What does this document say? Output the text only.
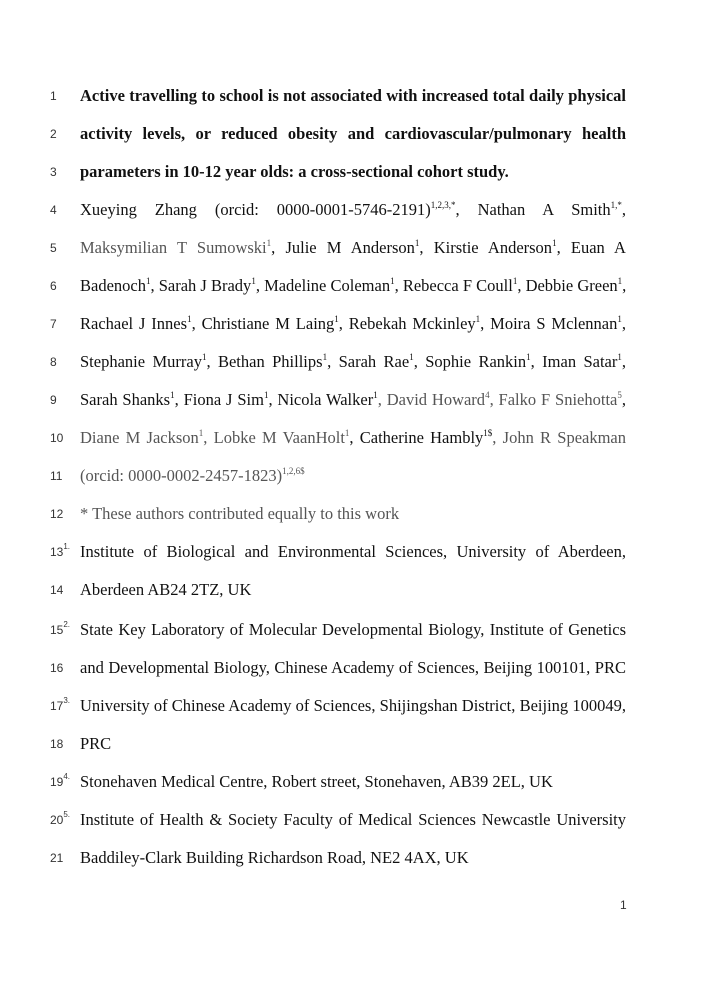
1 Active travelling to school is not associated with increased total daily physical
2 activity levels, or reduced obesity and cardiovascular/pulmonary health
3 parameters in 10-12 year olds: a cross-sectional cohort study.
4 Xueying Zhang (orcid: 0000-0001-5746-2191)$^{1,2,3,*}$, Nathan A Smith$^{1,*}$,
5 Maksymilian T Sumowski$^1$, Julie M Anderson$^1$, Kirstie Anderson$^1$, Euan A
6 Badenoch$^1$, Sarah J Brady$^1$, Madeline Coleman$^1$, Rebecca F Coull$^1$, Debbie Green$^1$,
7 Rachael J Innes$^1$, Christiane M Laing$^1$, Rebekah Mckinley$^1$, Moira S Mclennan$^1$,
8 Stephanie Murray$^1$, Bethan Phillips$^1$, Sarah Rae$^1$, Sophie Rankin$^1$, Iman Satar$^1$,
9 Sarah Shanks$^1$, Fiona J Sim$^1$, Nicola Walker$^1$, David Howard$^4$, Falko F Sniehotta$^5$,
10 Diane M Jackson$^1$, Lobke M VaanHolt$^1$, Catherine Hambly$^{1\$}$, John R Speakman
11 (orcid: 0000-0002-2457-1823)$^{1,2,6\$}$
12 * These authors contributed equally to this work
$13^{1.}$ Institute of Biological and Environmental Sciences, University of Aberdeen,
14 Aberdeen AB24 2TZ, UK
$15^{2.}$ State Key Laboratory of Molecular Developmental Biology, Institute of Genetics
16 and Developmental Biology, Chinese Academy of Sciences, Beijing 100101, PRC
$17^{3.}$ University of Chinese Academy of Sciences, Shijingshan District, Beijing 100049,
18 PRC
$19^{4.}$ Stonehaven Medical Centre, Robert street, Stonehaven, AB39 2EL, UK
$20^{5.}$ Institute of Health & Society Faculty of Medical Sciences Newcastle University
21 Baddiley-Clark Building Richardson Road, NE2 4AX, UK
1
